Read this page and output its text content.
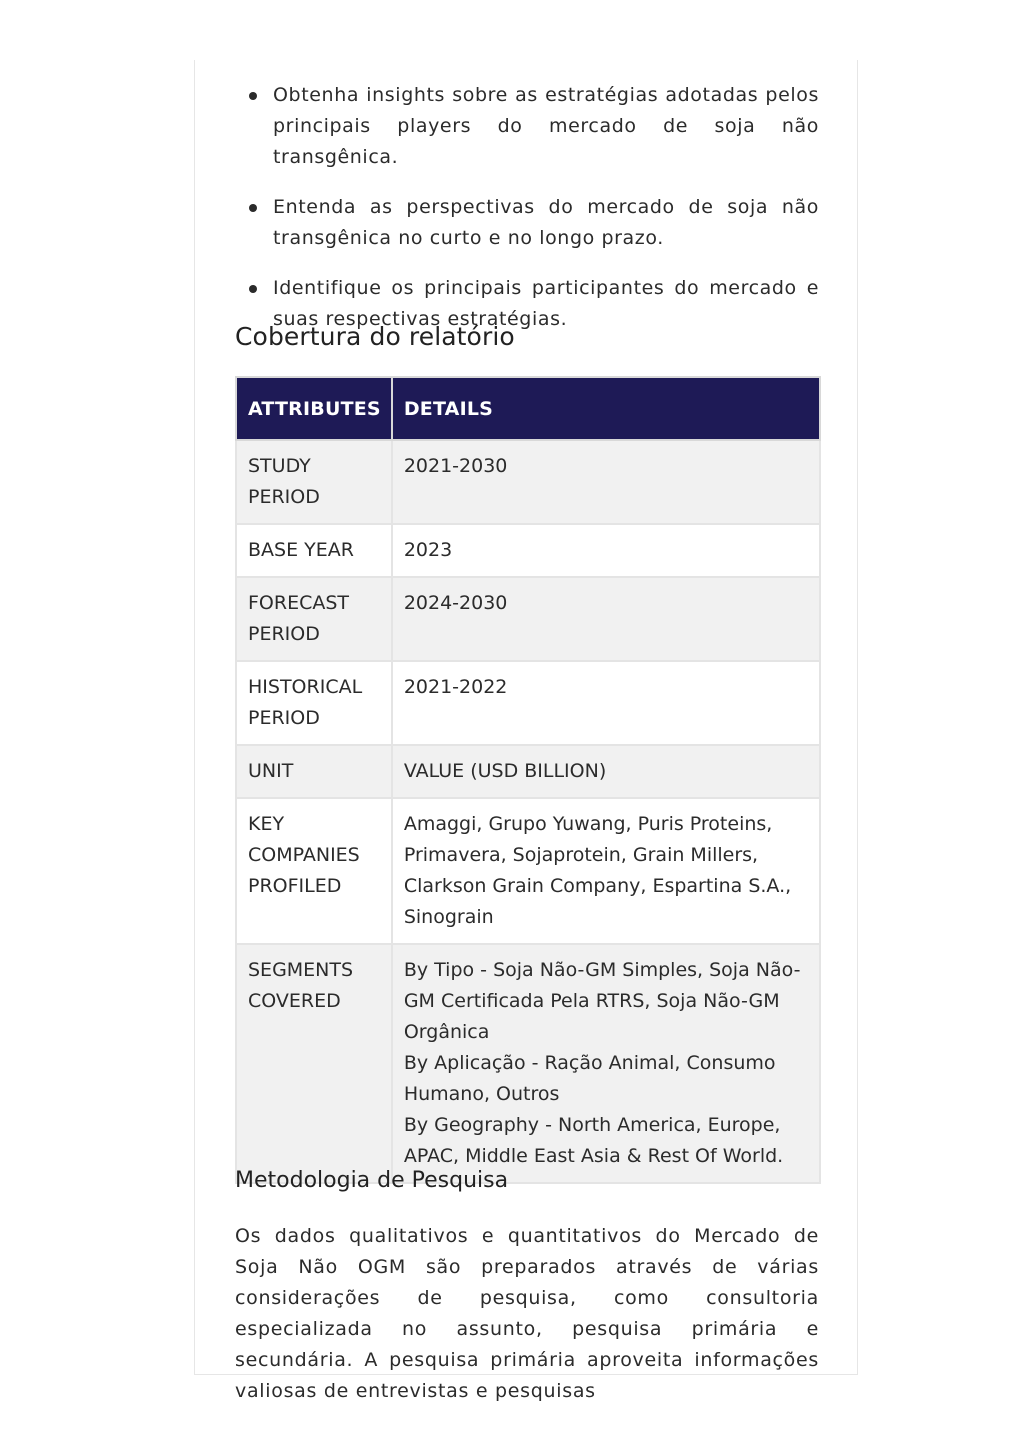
Obtenha insights sobre as estratégias adotadas pelos principais players do mercado de soja não transgênica.
Entenda as perspectivas do mercado de soja não transgênica no curto e no longo prazo.
Identifique os principais participantes do mercado e suas respectivas estratégias.
Cobertura do relatório
ATTRIBUTES	DETAILS
STUDY PERIOD	2021-2030

BASE YEAR	2023

FORECAST PERIOD	2024-2030

HISTORICAL PERIOD	2021-2022

UNIT	VALUE (USD BILLION)

KEY COMPANIES PROFILED	Amaggi, Grupo Yuwang, Puris Proteins, Primavera, Sojaprotein, Grain Millers, Clarkson Grain Company, Espartina S.A., Sinograin

SEGMENTS COVERED	By Tipo - Soja Não-GM Simples, Soja Não-GM Certificada Pela RTRS, Soja Não-GM Orgânica
By Aplicação - Ração Animal, Consumo Humano, Outros
By Geography - North America, Europe, APAC, Middle East Asia & Rest Of World.
Metodologia de Pesquisa

Os dados qualitativos e quantitativos do Mercado de Soja Não OGM são preparados através de várias considerações de pesquisa, como consultoria especializada no assunto, pesquisa primária e secundária. A pesquisa primária aproveita informações valiosas de entrevistas e pesquisas
